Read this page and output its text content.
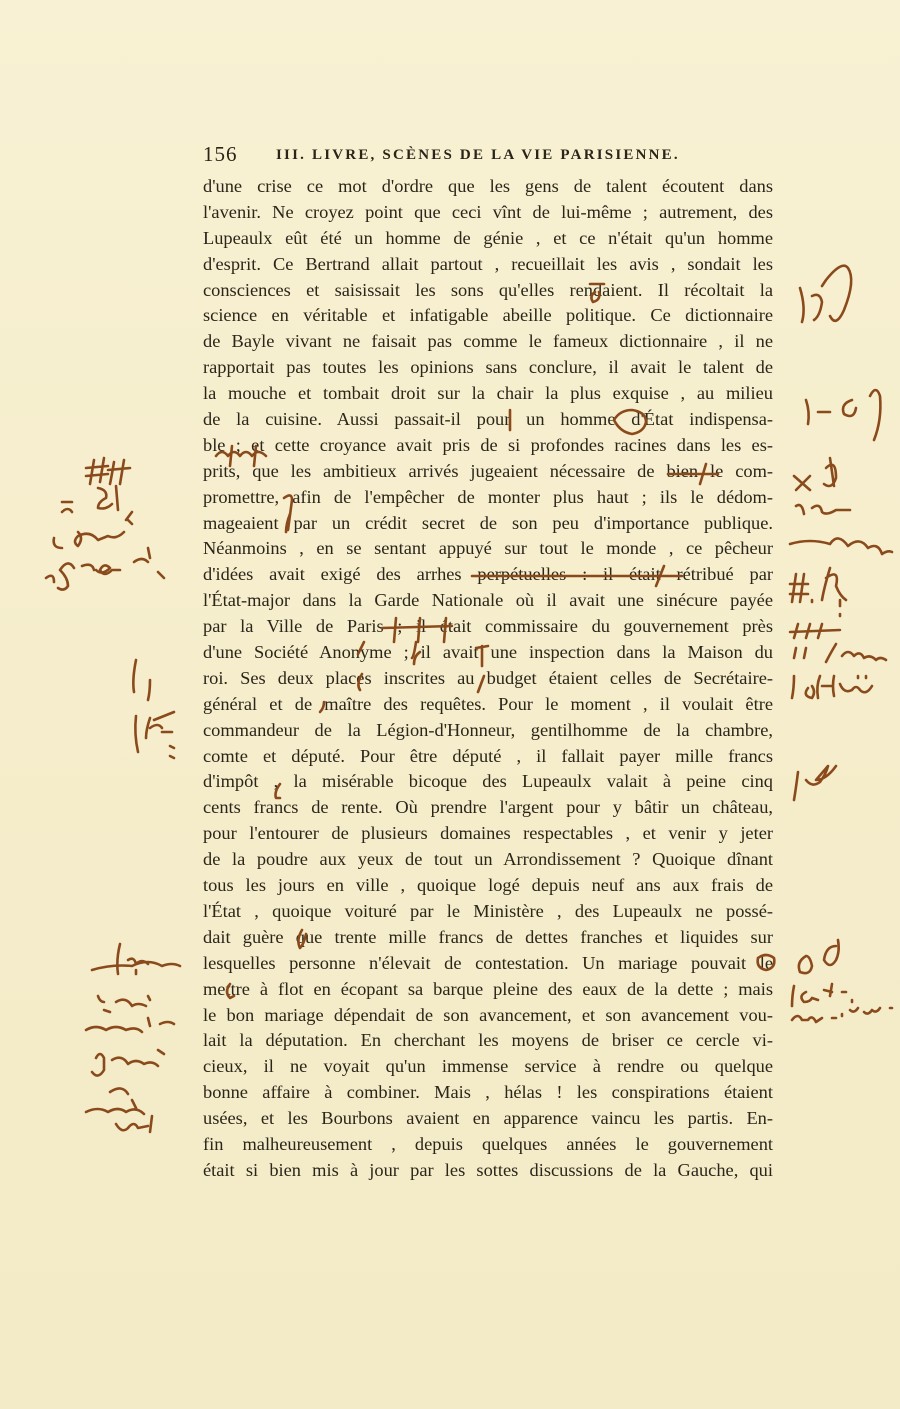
156	III. LIVRE, SCÈNES DE LA VIE PARISIENNE.
d'une crise ce mot d'ordre que les gens de talent écoutent dans
l'avenir. Ne croyez point que ceci vînt de lui-même ; autrement, des
Lupeaulx eût été un homme de génie , et ce n'était qu'un homme
d'esprit. Ce Bertrand allait partout , recueillait les avis , sondait les
consciences et saisissait les sons qu'elles rendaient. Il récoltait la
science en véritable et infatigable abeille politique. Ce dictionnaire
de Bayle vivant ne faisait pas comme le fameux dictionnaire , il ne
rapportait pas toutes les opinions sans conclure, il avait le talent de
la mouche et tombait droit sur la chair la plus exquise , au milieu
de la cuisine. Aussi passait-il pour un homme d'État indispensa-
ble ; et cette croyance avait pris de si profondes racines dans les es-
prits, que les ambitieux arrivés jugeaient nécessaire de bien le com-
promettre, afin de l'empêcher de monter plus haut ; ils le dédom-
mageaient par un crédit secret de son peu d'importance publique.
Néanmoins , en se sentant appuyé sur tout le monde , ce pêcheur
d'idées avait exigé des arrhes perpétuelles : il était rétribué par
l'État-major dans la Garde Nationale où il avait une sinécure payée
par la Ville de Paris ; il était commissaire du gouvernement près
d'une Société Anonyme ; il avait une inspection dans la Maison du
roi. Ses deux places inscrites au budget étaient celles de Secrétaire-
général et de maître des requêtes. Pour le moment , il voulait être
commandeur de la Légion-d'Honneur, gentilhomme de la chambre,
comte et député. Pour être député , il fallait payer mille francs
d'impôt , la misérable bicoque des Lupeaulx valait à peine cinq
cents francs de rente. Où prendre l'argent pour y bâtir un château,
pour l'entourer de plusieurs domaines respectables , et venir y jeter
de la poudre aux yeux de tout un Arrondissement ? Quoique dînant
tous les jours en ville , quoique logé depuis neuf ans aux frais de
l'État , quoique voituré par le Ministère , des Lupeaulx ne possé-
dait guère que trente mille francs de dettes franches et liquides sur
lesquelles personne n'élevait de contestation. Un mariage pouvait le
mettre à flot en écopant sa barque pleine des eaux de la dette ; mais
le bon mariage dépendait de son avancement, et son avancement vou-
lait la députation. En cherchant les moyens de briser ce cercle vi-
cieux, il ne voyait qu'un immense service à rendre ou quelque
bonne affaire à combiner. Mais , hélas ! les conspirations étaient
usées, et les Bourbons avaient en apparence vaincu les partis. En-
fin malheureusement , depuis quelques années le gouvernement
était si bien mis à jour par les sottes discussions de la Gauche, qui
